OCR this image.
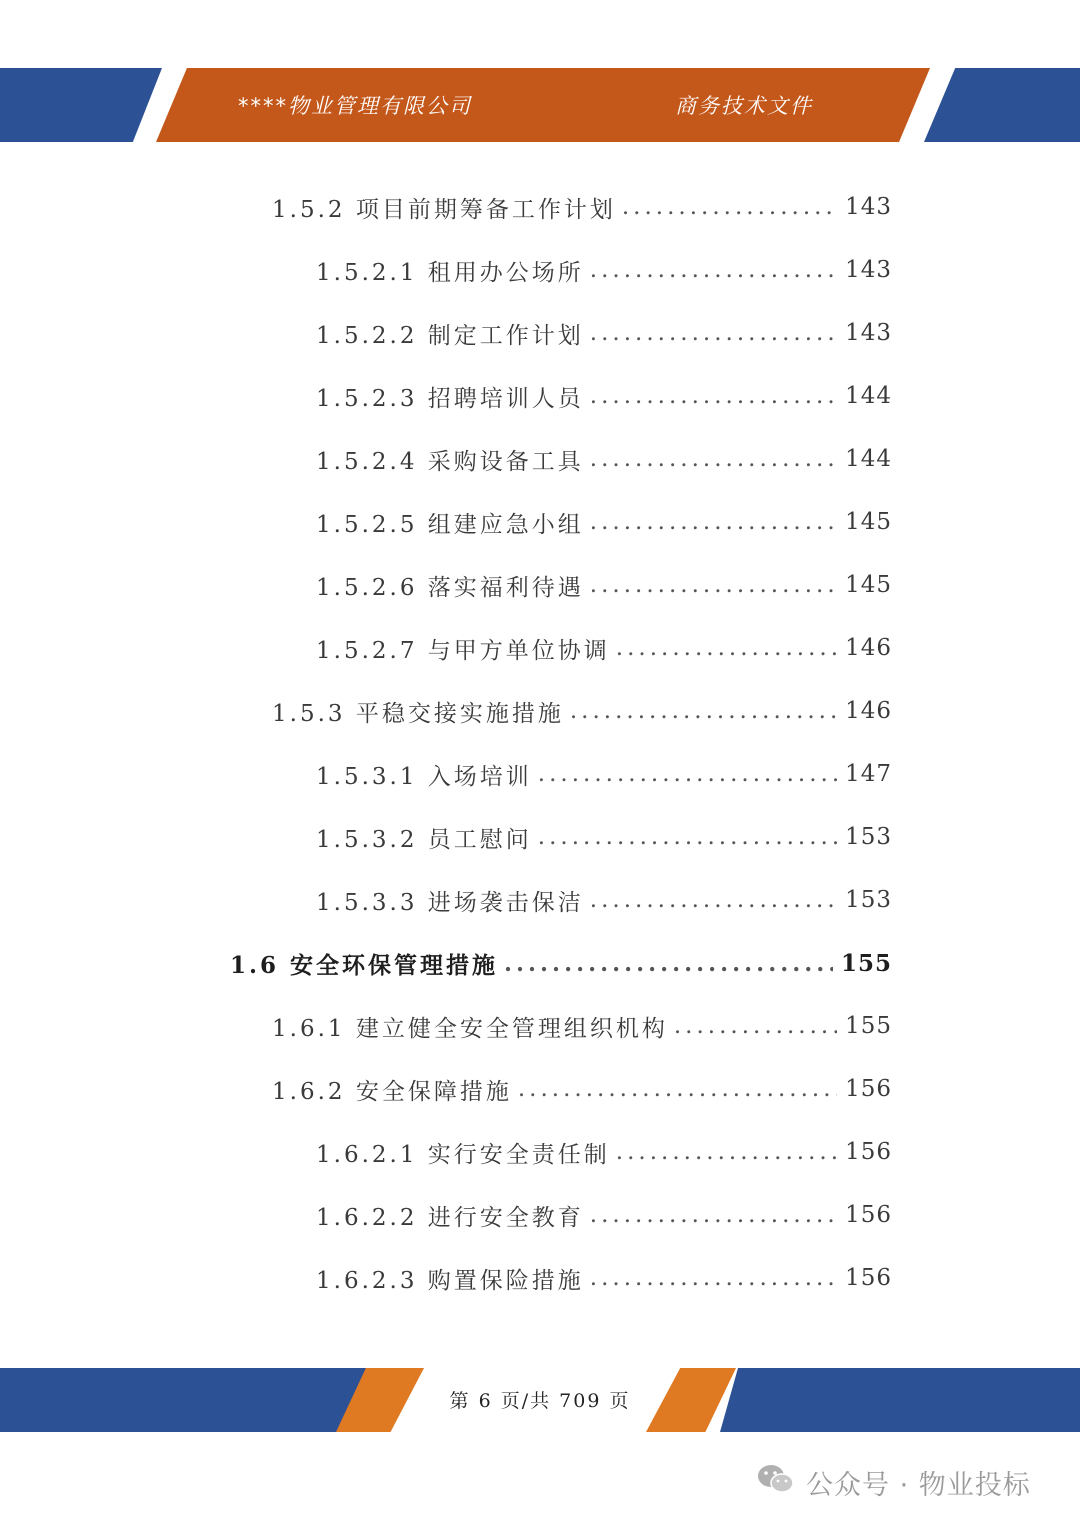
****物业管理有限公司	商务技术文件
1.5.2 项目前期筹备工作计划 .....	143
1.5.2.1 租用办公场所 .....	143
1.5.2.2 制定工作计划 .....	143
1.5.2.3 招聘培训人员 .....	144
1.5.2.4 采购设备工具 .....	144
1.5.2.5 组建应急小组 .....	145
1.5.2.6 落实福利待遇 .....	145
1.5.2.7 与甲方单位协调 .....	146
1.5.3 平稳交接实施措施 .....	146
1.5.3.1 入场培训 .....	147
1.5.3.2 员工慰问 .....	153
1.5.3.3 进场袭击保洁 .....	153
1.6 安全环保管理措施 .....	155
1.6.1 建立健全安全管理组织机构 .....	155
1.6.2 安全保障措施 .....	156
1.6.2.1 实行安全责任制 .....	156
1.6.2.2 进行安全教育 .....	156
1.6.2.3 购置保险措施 .....	156
第 6 页/共 709 页
公众号 · 物业投标
